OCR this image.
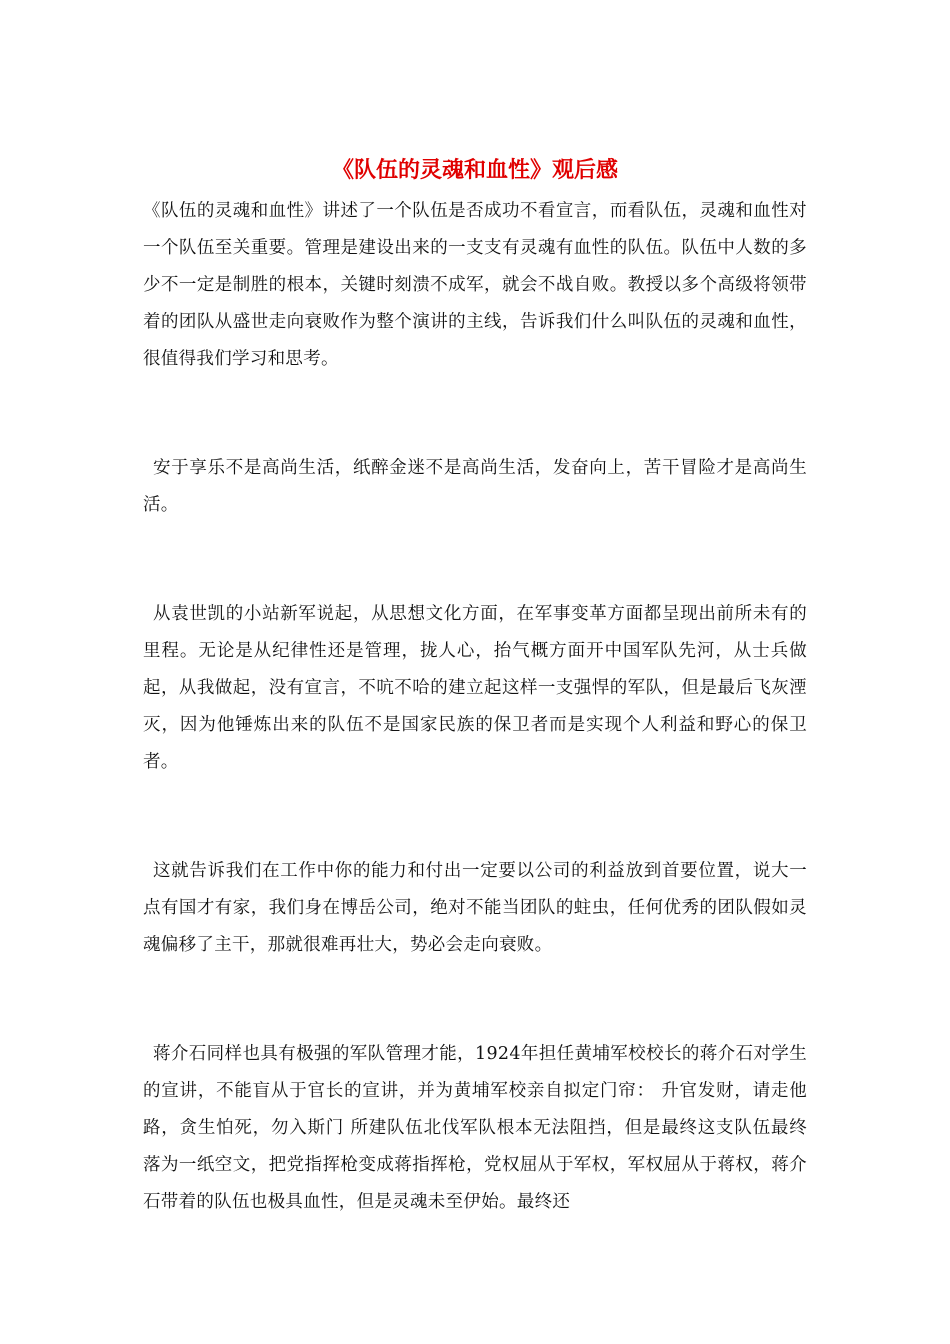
《队伍的灵魂和血性》观后感

《队伍的灵魂和血性》讲述了一个队伍是否成功不看宣言，而看队伍，灵魂和血性对一个队伍至关重要。管理是建设出来的一支支有灵魂有血性的队伍。队伍中人数的多少不一定是制胜的根本，关键时刻溃不成军，就会不战自败。教授以多个高级将领带着的团队从盛世走向衰败作为整个演讲的主线，告诉我们什么叫队伍的灵魂和血性，很值得我们学习和思考。

安于享乐不是高尚生活，纸醉金迷不是高尚生活，发奋向上，苦干冒险才是高尚生活。

从袁世凯的小站新军说起，从思想文化方面，在军事变革方面都呈现出前所未有的里程。无论是从纪律性还是管理，拢人心，抬气概方面开中国军队先河，从士兵做起，从我做起，没有宣言，不吭不哈的建立起这样一支强悍的军队，但是最后飞灰湮灭，因为他锤炼出来的队伍不是国家民族的保卫者而是实现个人利益和野心的保卫者。

这就告诉我们在工作中你的能力和付出一定要以公司的利益放到首要位置，说大一点有国才有家，我们身在博岳公司，绝对不能当团队的蛀虫，任何优秀的团队假如灵魂偏移了主干，那就很难再壮大，势必会走向衰败。

蒋介石同样也具有极强的军队管理才能，1924年担任黄埔军校校长的蒋介石对学生的宣讲，不能盲从于官长的宣讲，并为黄埔军校亲自拟定门帘： 升官发财，请走他路，贪生怕死，勿入斯门 所建队伍北伐军队根本无法阻挡，但是最终这支队伍最终落为一纸空文，把党指挥枪变成蒋指挥枪，党权屈从于军权，军权屈从于蒋权，蒋介石带着的队伍也极具血性，但是灵魂未至伊始。最终还
